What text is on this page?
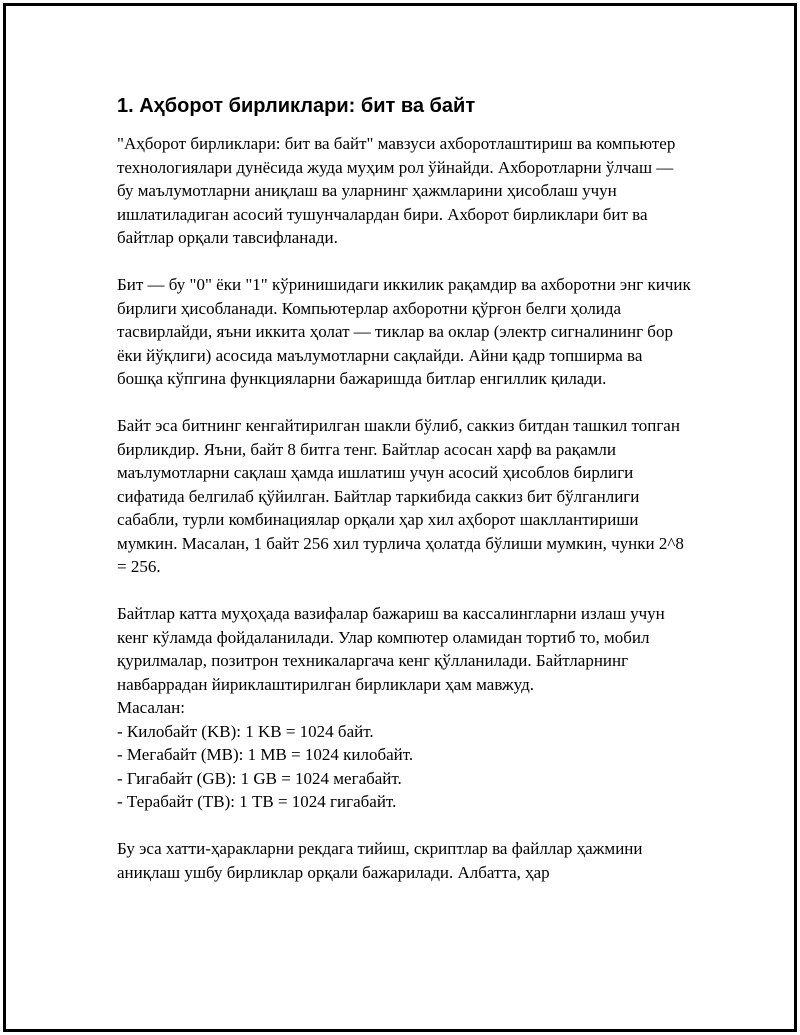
1. Аҳборот бирликлари: бит ва байт

"Аҳборот бирликлари: бит ва байт" мавзуси ахборотлаштириш ва компьютер технологиялари дунёсида жуда муҳим рол ўйнайди. Ахборотларни ўлчаш — бу маълумотларни аниқлаш ва уларнинг ҳажмларини ҳисоблаш учун ишлатиладиган асосий тушунчалардан бири. Ахборот бирликлари бит ва байтлар орқали тавсифланади.

Бит — бу "0" ёки "1" кўринишидаги иккилик рақамдир ва ахборотни энг кичик бирлиги ҳисобланади. Компьютерлар ахборотни қўрғон белги ҳолида тасвирлайди, яъни иккита ҳолат — тиклар ва оклар (электр сигналининг бор ёки йўқлиги) асосида маълумотларни сақлайди. Айни қадр топширма ва бошқа кўпгина функцияларни бажаришда битлар енгиллик қилади.

Байт эса битнинг кенгайтирилган шакли бўлиб, саккиз битдан ташкил топган бирликдир. Яъни, байт 8 битга тенг. Байтлар асосан харф ва рақамли маълумотларни сақлаш ҳамда ишлатиш учун асосий ҳисоблов бирлиги сифатида белгилаб қўйилган. Байтлар таркибида саккиз бит бўлганлиги сабабли, турли комбинациялар орқали ҳар хил аҳборот шакллантириши мумкин. Масалан, 1 байт 256 хил турлича ҳолатда бўлиши мумкин, чунки 2^8 = 256.

Байтлар катта муҳоҳада вазифалар бажариш ва кассалингларни излаш учун кенг кўламда фойдаланилади. Улар компютер оламидан тортиб то, мобил қурилмалар, позитрон техникаларгача кенг қўлланилади. Байтларнинг навбаррадан йириклаштирилган бирликлари ҳам мавжуд.
Масалан:
- Килобайт (KB): 1 KB = 1024 байт.
- Мегабайт (MB): 1 MB = 1024 килобайт.
- Гигабайт (GB): 1 GB = 1024 мегабайт.
- Терабайт (TB): 1 TB = 1024 гигабайт.

Бу эса хатти-ҳаракларни рекдага тийиш, скриптлар ва файллар ҳажмини аниқлаш ушбу бирликлар орқали бажарилади. Албатта, ҳар
